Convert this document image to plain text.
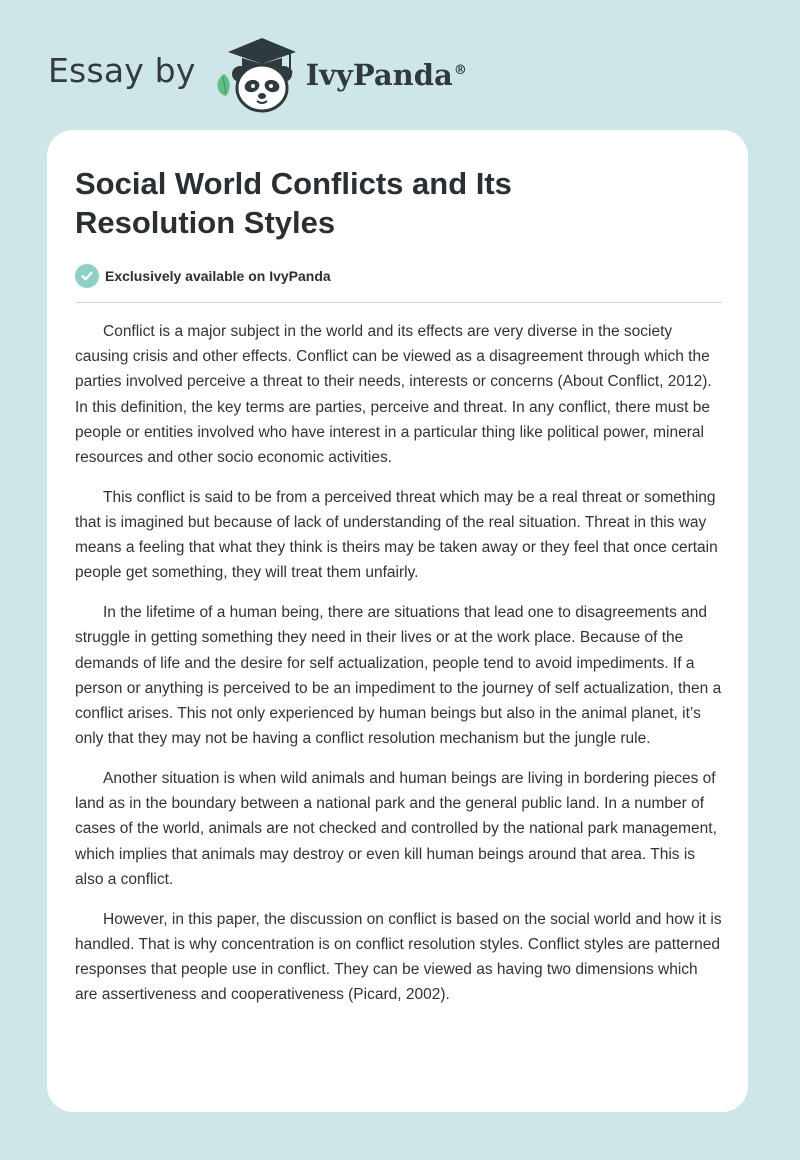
Essay by	IvyPanda®
Social World Conflicts and Its Resolution Styles
Exclusively available on IvyPanda

Conflict is a major subject in the world and its effects are very diverse in the society causing crisis and other effects. Conflict can be viewed as a disagreement through which the parties involved perceive a threat to their needs, interests or concerns (About Conflict, 2012). In this definition, the key terms are parties, perceive and threat. In any conflict, there must be people or entities involved who have interest in a particular thing like political power, mineral resources and other socio economic activities.

This conflict is said to be from a perceived threat which may be a real threat or something that is imagined but because of lack of understanding of the real situation. Threat in this way means a feeling that what they think is theirs may be taken away or they feel that once certain people get something, they will treat them unfairly.

In the lifetime of a human being, there are situations that lead one to disagreements and struggle in getting something they need in their lives or at the work place. Because of the demands of life and the desire for self actualization, people tend to avoid impediments. If a person or anything is perceived to be an impediment to the journey of self actualization, then a conflict arises. This not only experienced by human beings but also in the animal planet, it’s only that they may not be having a conflict resolution mechanism but the jungle rule.

Another situation is when wild animals and human beings are living in bordering pieces of land as in the boundary between a national park and the general public land. In a number of cases of the world, animals are not checked and controlled by the national park management, which implies that animals may destroy or even kill human beings around that area. This is also a conflict.

However, in this paper, the discussion on conflict is based on the social world and how it is handled. That is why concentration is on conflict resolution styles. Conflict styles are patterned responses that people use in conflict. They can be viewed as having two dimensions which are assertiveness and cooperativeness (Picard, 2002).
